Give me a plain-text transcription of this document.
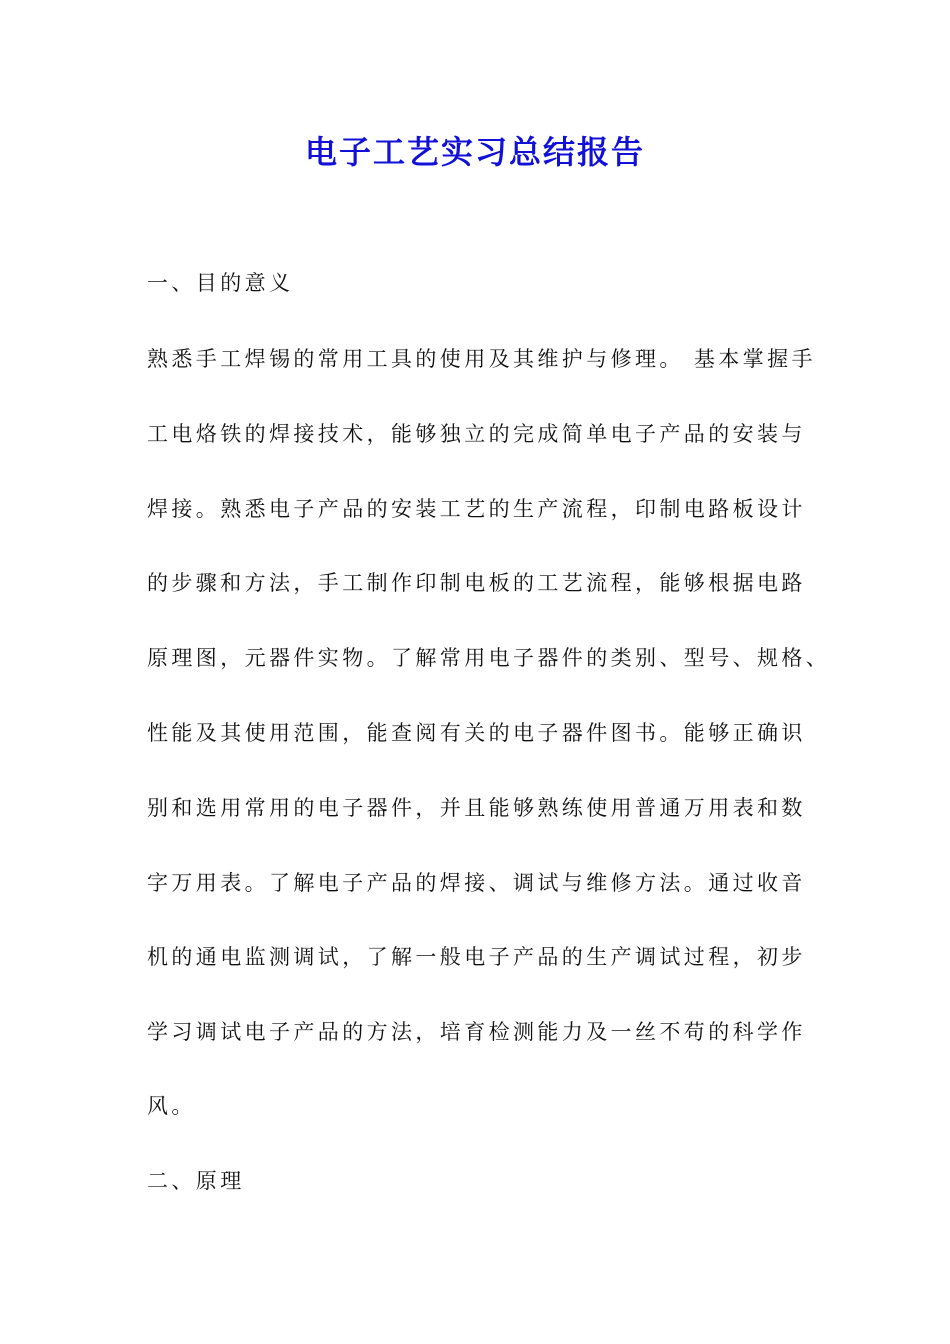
电子工艺实习总结报告
一、目的意义
熟悉手工焊锡的常用工具的使用及其维护与修理。 基本掌握手
工电烙铁的焊接技术，能够独立的完成简单电子产品的安装与
焊接。熟悉电子产品的安装工艺的生产流程，印制电路板设计
的步骤和方法，手工制作印制电板的工艺流程，能够根据电路
原理图，元器件实物。了解常用电子器件的类别、型号、规格、
性能及其使用范围，能查阅有关的电子器件图书。能够正确识
别和选用常用的电子器件，并且能够熟练使用普通万用表和数
字万用表。了解电子产品的焊接、调试与维修方法。通过收音
机的通电监测调试，了解一般电子产品的生产调试过程，初步
学习调试电子产品的方法，培育检测能力及一丝不苟的科学作
风。
二、原理
